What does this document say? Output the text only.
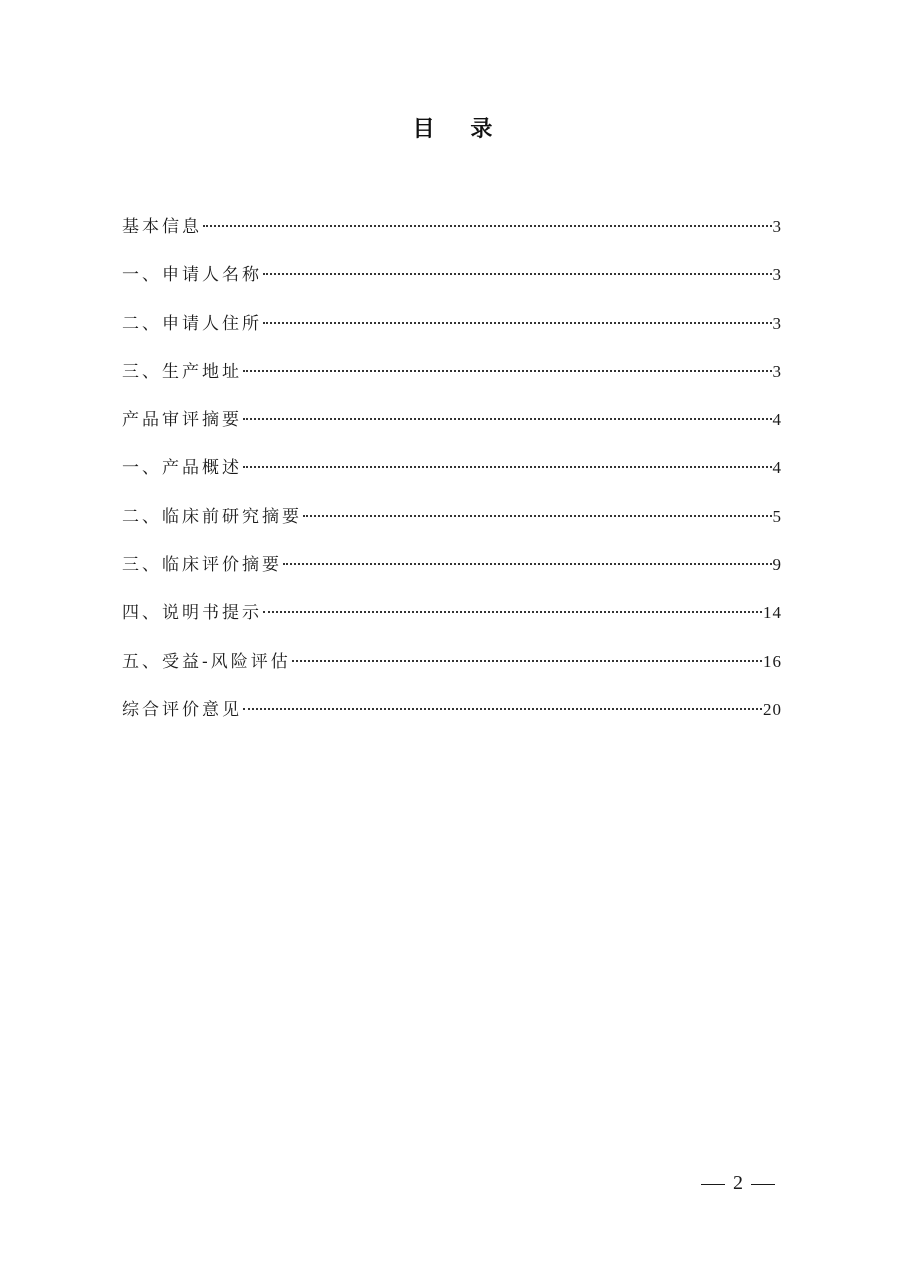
目 录
基本信息	3
一、申请人名称	3
二、申请人住所	3
三、生产地址	3
产品审评摘要	4
一、产品概述	4
二、临床前研究摘要	5
三、临床评价摘要	9
四、说明书提示	14
五、受益-风险评估	16
综合评价意见	20
2
